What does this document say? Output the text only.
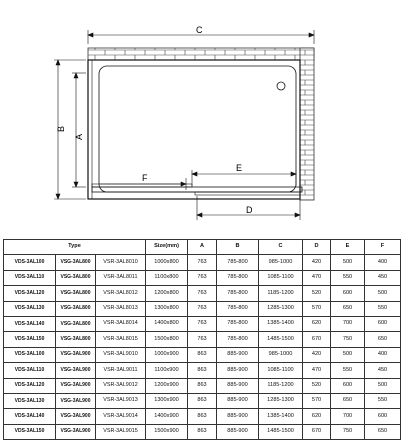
C
B
A
E
F
D
Type			Size(mm)	A	B	C	D	E	F
VDS-3AL100	VSG-3AL800	VSR-3AL8010	1000x800	763	785-800	985-1000	420	500	400
VDS-3AL110	VSG-3AL800	VSR-3AL8011	1100x800	763	785-800	1085-1100	470	550	450
VDS-3AL120	VSG-3AL800	VSR-3AL8012	1200x800	763	785-800	1185-1200	520	600	500
VDS-3AL130	VSG-3AL800	VSR-3AL8013	1300x800	763	785-800	1285-1300	570	650	550
VDS-3AL140	VSG-3AL800	VSR-3AL8014	1400x800	763	785-800	1385-1400	620	700	600
VDS-3AL150	VSG-3AL800	VSR-3AL8015	1500x800	763	785-800	1485-1500	670	750	650
VDS-3AL100	VSG-3AL900	VSR-3AL9010	1000x900	863	885-900	985-1000	420	500	400
VDS-3AL110	VSG-3AL900	VSR-3AL9011	1100x900	863	885-900	1085-1100	470	550	450
VDS-3AL120	VSG-3AL900	VSR-3AL9012	1200x900	863	885-900	1185-1200	520	600	500
VDS-3AL130	VSG-3AL900	VSR-3AL9013	1300x900	863	885-900	1285-1300	570	650	550
VDS-3AL140	VSG-3AL900	VSR-3AL9014	1400x900	863	885-900	1385-1400	620	700	600
VDS-3AL150	VSG-3AL900	VSR-3AL9015	1500x900	863	885-900	1485-1500	670	750	650
